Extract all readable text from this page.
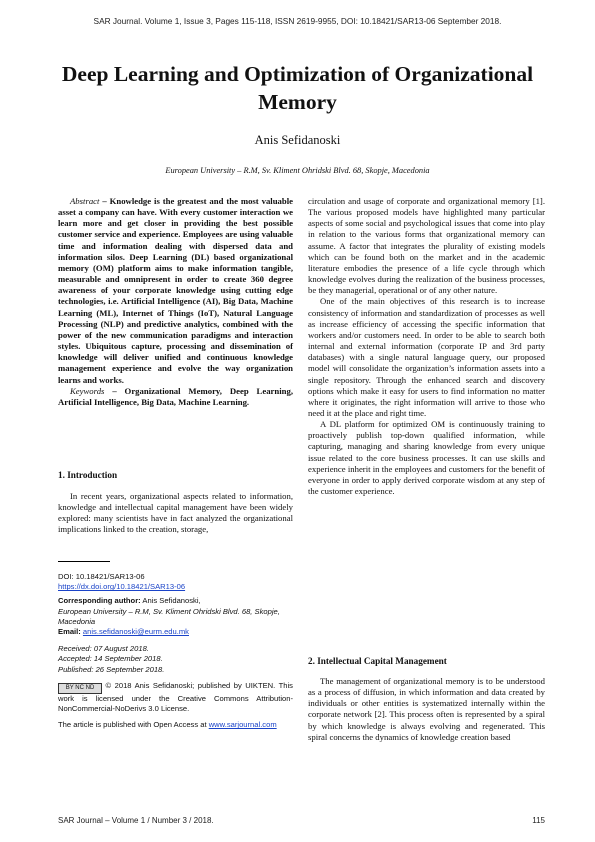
SAR Journal. Volume 1, Issue 3, Pages 115-118, ISSN 2619-9955, DOI: 10.18421/SAR13-06 September 2018.
Deep Learning and Optimization of Organizational Memory
Anis Sefidanoski
European University – R.M, Sv. Kliment Ohridski Blvd. 68, Skopje, Macedonia

Abstract – Knowledge is the greatest and the most valuable asset a company can have. With every customer interaction we learn more and get closer in providing the best possible customer service and experience. Employees are using valuable time and information dealing with dispersed data and information silos. Deep Learning (DL) based organizational memory (OM) platform aims to make information tangible, measurable and omnipresent in order to create 360 degree awareness of your corporate knowledge using cutting edge technologies, i.e. Artificial Intelligence (AI), Big Data, Machine Learning (ML), Internet of Things (IoT), Natural Language Processing (NLP) and predictive analytics, combined with the power of the new communication paradigms and interaction styles. Ubiquitous capture, processing and dissemination of knowledge will deliver unified and continuous knowledge management experience and evolve the way organization learns and works.

Keywords – Organizational Memory, Deep Learning, Artificial Intelligence, Big Data, Machine Learning.

1. Introduction

In recent years, organizational aspects related to information, knowledge and intellectual capital management have been widely explored: many scientists have in fact analyzed the organizational implications linked to the creation, storage,

DOI: 10.18421/SAR13-06

https://dx.doi.org/10.18421/SAR13-06

Corresponding author: Anis Sefidanoski,

European University – R.M, Sv. Kliment Ohridski Blvd. 68, Skopje, Macedonia

Email: anis.sefidanoski@eurm.edu.mk

Received: 07 August 2018.

Accepted: 14 September 2018.

Published: 26 September 2018.

BY NC ND © 2018 Anis Sefidanoski; published by UIKTEN. This work is licensed under the Creative Commons Attribution-NonCommercial-NoDerivs 3.0 License.

The article is published with Open Access at www.sarjournal.com

circulation and usage of corporate and organizational memory [1]. The various proposed models have highlighted many particular aspects of some social and psychological issues that come into play in relation to the various forms that organizational memory can assume. A factor that integrates the plurality of existing models which can be found both on the market and in the academic literature embodies the presence of a life cycle through which knowledge evolves during the realization of the business processes, be they managerial, operational or of any other nature.

One of the main objectives of this research is to increase consistency of information and standardization of processes as well as increase efficiency of accessing the specific information that workers and/or customers need. In order to be able to search both internal and external information (corporate IP and 3rd party databases) with a single natural language query, our proposed model will consolidate the organization’s information assets into a single repository. Through the enhanced search and discovery options which make it easy for users to find information no matter where it originates, the right information will arrive to those who need it at the place and right time.

A DL platform for optimized OM is continuously training to proactively publish top-down qualified information, while capturing, managing and sharing knowledge from every unique issue related to the core business processes. It can use skills and experience inherit in the employees and customers for the benefit of everyone in order to apply derived corporate wisdom at any step of the customer experience.

2. Intellectual Capital Management

The management of organizational memory is to be understood as a process of diffusion, in which information and data created by individuals or other entities is systematized internally within the corporate network [2]. This process often is represented by a spiral by which knowledge is always evolving and regenerated. This spiral concerns the dynamics of knowledge creation based

SAR Journal – Volume 1 / Number 3 / 2018.	115
